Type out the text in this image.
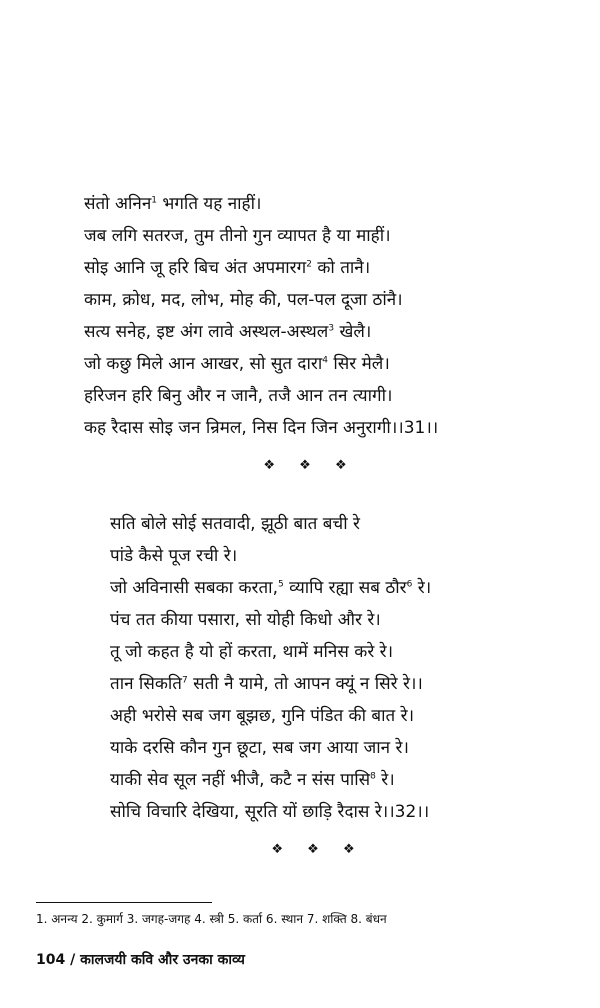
संतो अनिन$^1$ भगति यह नाहीं।
जब लगि सतरज, तुम तीनो गुन व्यापत है या माहीं।
सोइ आनि जू हरि बिच अंत अपमारग$^2$ को तानै।
काम, क्रोध, मद, लोभ, मोह की, पल-पल दूजा ठांनै।
सत्य सनेह, इष्ट अंग लावे अस्थल-अस्थल$^3$ खेलै।
जो कछु मिले आन आखर, सो सुत दारा$^4$ सिर मेलै।
हरिजन हरि बिनु और न जानै, तजै आन तन त्यागी।
कह रैदास सोइ जन न्रिमल, निस दिन जिन अनुरागी।।31।।
❖ ❖ ❖
सति बोले सोई सतवादी, झूठी बात बची रे
पांडे कैसे पूज रची रे।
जो अविनासी सबका करता,$^5$ व्यापि रह्या सब ठौर$^6$ रे।
पंच तत कीया पसारा, सो योही किधो और रे।
तू जो कहत है यो हों करता, थामें मनिस करे रे।
तान सिकति$^7$ सती नै यामे, तो आपन क्यूं न सिरे रे।।
अही भरोसे सब जग बूझछ, गुनि पंडित की बात रे।
याके दरसि कौन गुन छूटा, सब जग आया जान रे।
याकी सेव सूल नहीं भीजै, कटै न संस पासि$^8$ रे।
सोचि विचारि देखिया, सूरति यों छाड़ि रैदास रे।।32।।
❖ ❖ ❖
1. अनन्य 2. कुमार्ग 3. जगह-जगह 4. स्त्री 5. कर्ता 6. स्थान 7. शक्ति 8. बंधन
104 / कालजयी कवि और उनका काव्य
